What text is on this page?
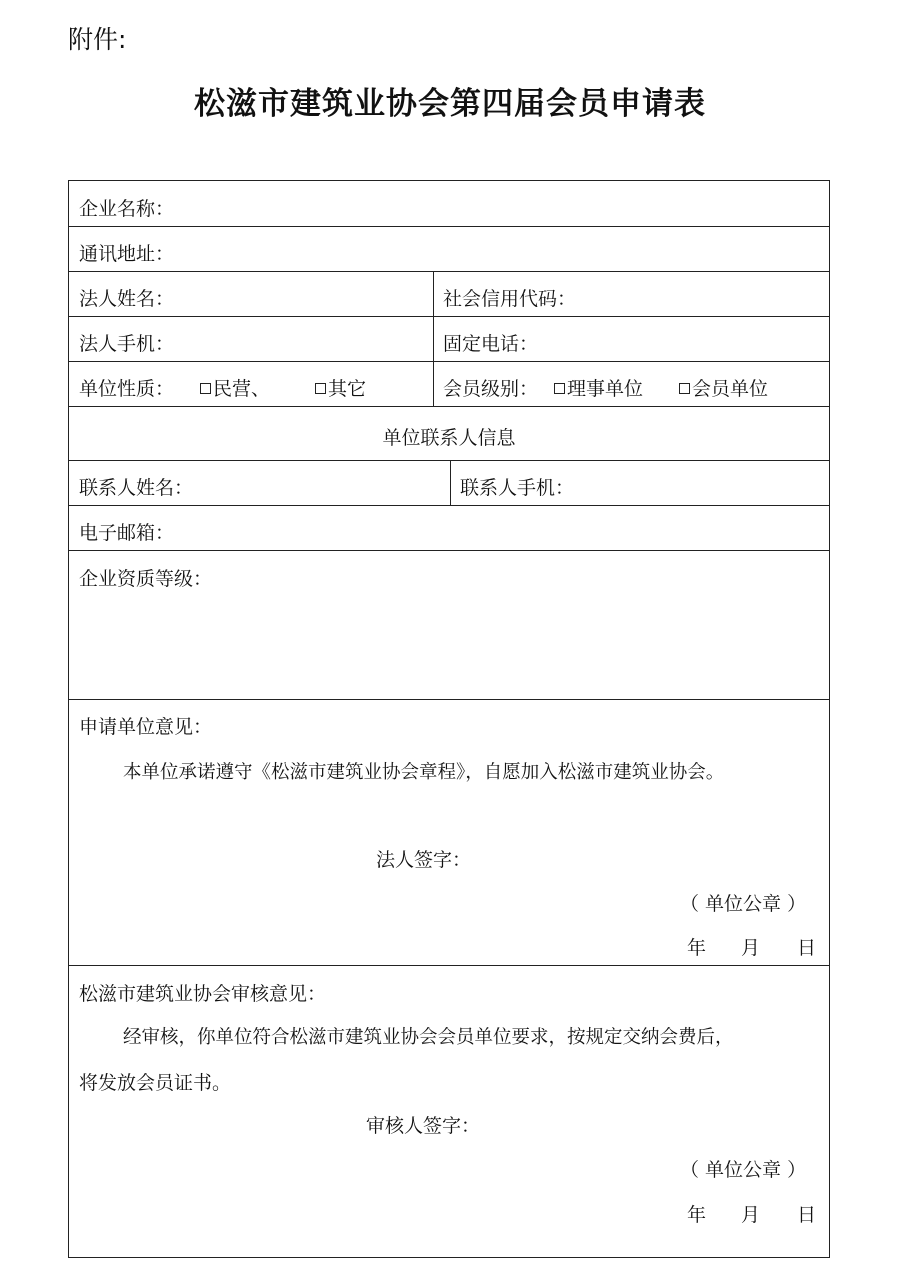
附件:
松滋市建筑业协会第四届会员申请表
企业名称：
通讯地址：
法人姓名：	社会信用代码：
法人手机：	固定电话：
单位性质：	民营、	其它	会员级别：	理事单位	会员单位
单位联系人信息
联系人姓名：	联系人手机：
电子邮箱：
企业资质等级：
申请单位意见：
本单位承诺遵守《松滋市建筑业协会章程》，自愿加入松滋市建筑业协会。
法人签字：
（ 单位公章 ）
年 月 日
松滋市建筑业协会审核意见：
经审核，你单位符合松滋市建筑业协会会员单位要求，按规定交纳会费后，
将发放会员证书。
审核人签字：
（ 单位公章 ）
年 月 日
